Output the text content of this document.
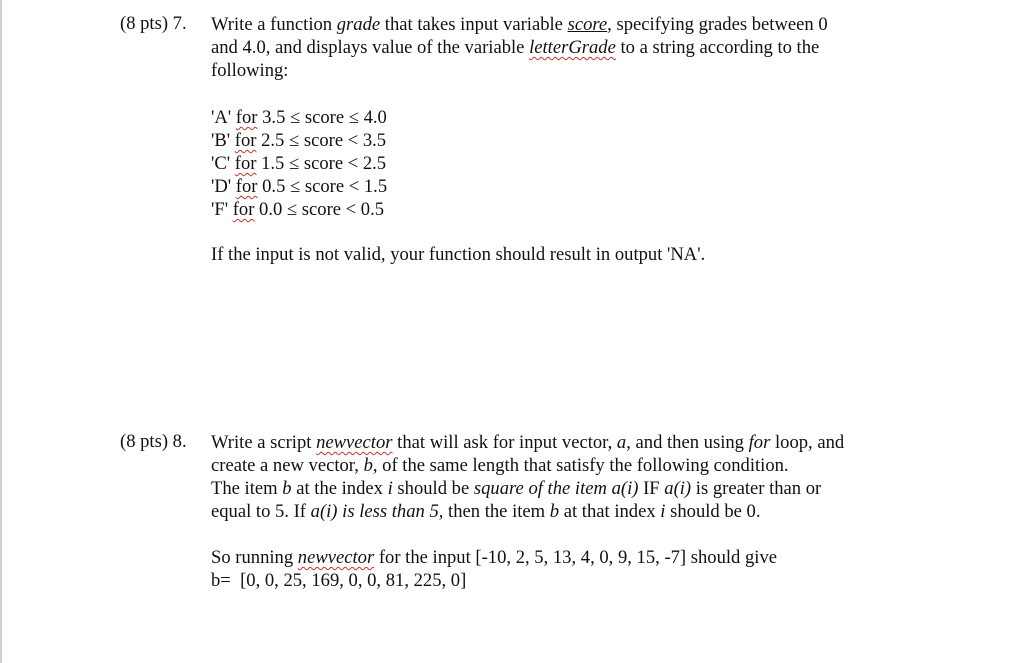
(8 pts) 7. Write a function grade that takes input variable score, specifying grades between 0
and 4.0, and displays value of the variable letterGrade to a string according to the
following:
'A' for 3.5 ≤ score ≤ 4.0
'B' for 2.5 ≤ score < 3.5
'C' for 1.5 ≤ score < 2.5
'D' for 0.5 ≤ score < 1.5
'F' for 0.0 ≤ score < 0.5
If the input is not valid, your function should result in output 'NA'.
(8 pts) 8. Write a script newvector that will ask for input vector, a, and then using for loop, and
create a new vector, b, of the same length that satisfy the following condition.
The item b at the index i should be square of the item a(i) IF a(i) is greater than or
equal to 5. If a(i) is less than 5, then the item b at that index i should be 0.
So running newvector for the input [-10, 2, 5, 13, 4, 0, 9, 15, -7] should give
b=  [0, 0, 25, 169, 0, 0, 81, 225, 0]
